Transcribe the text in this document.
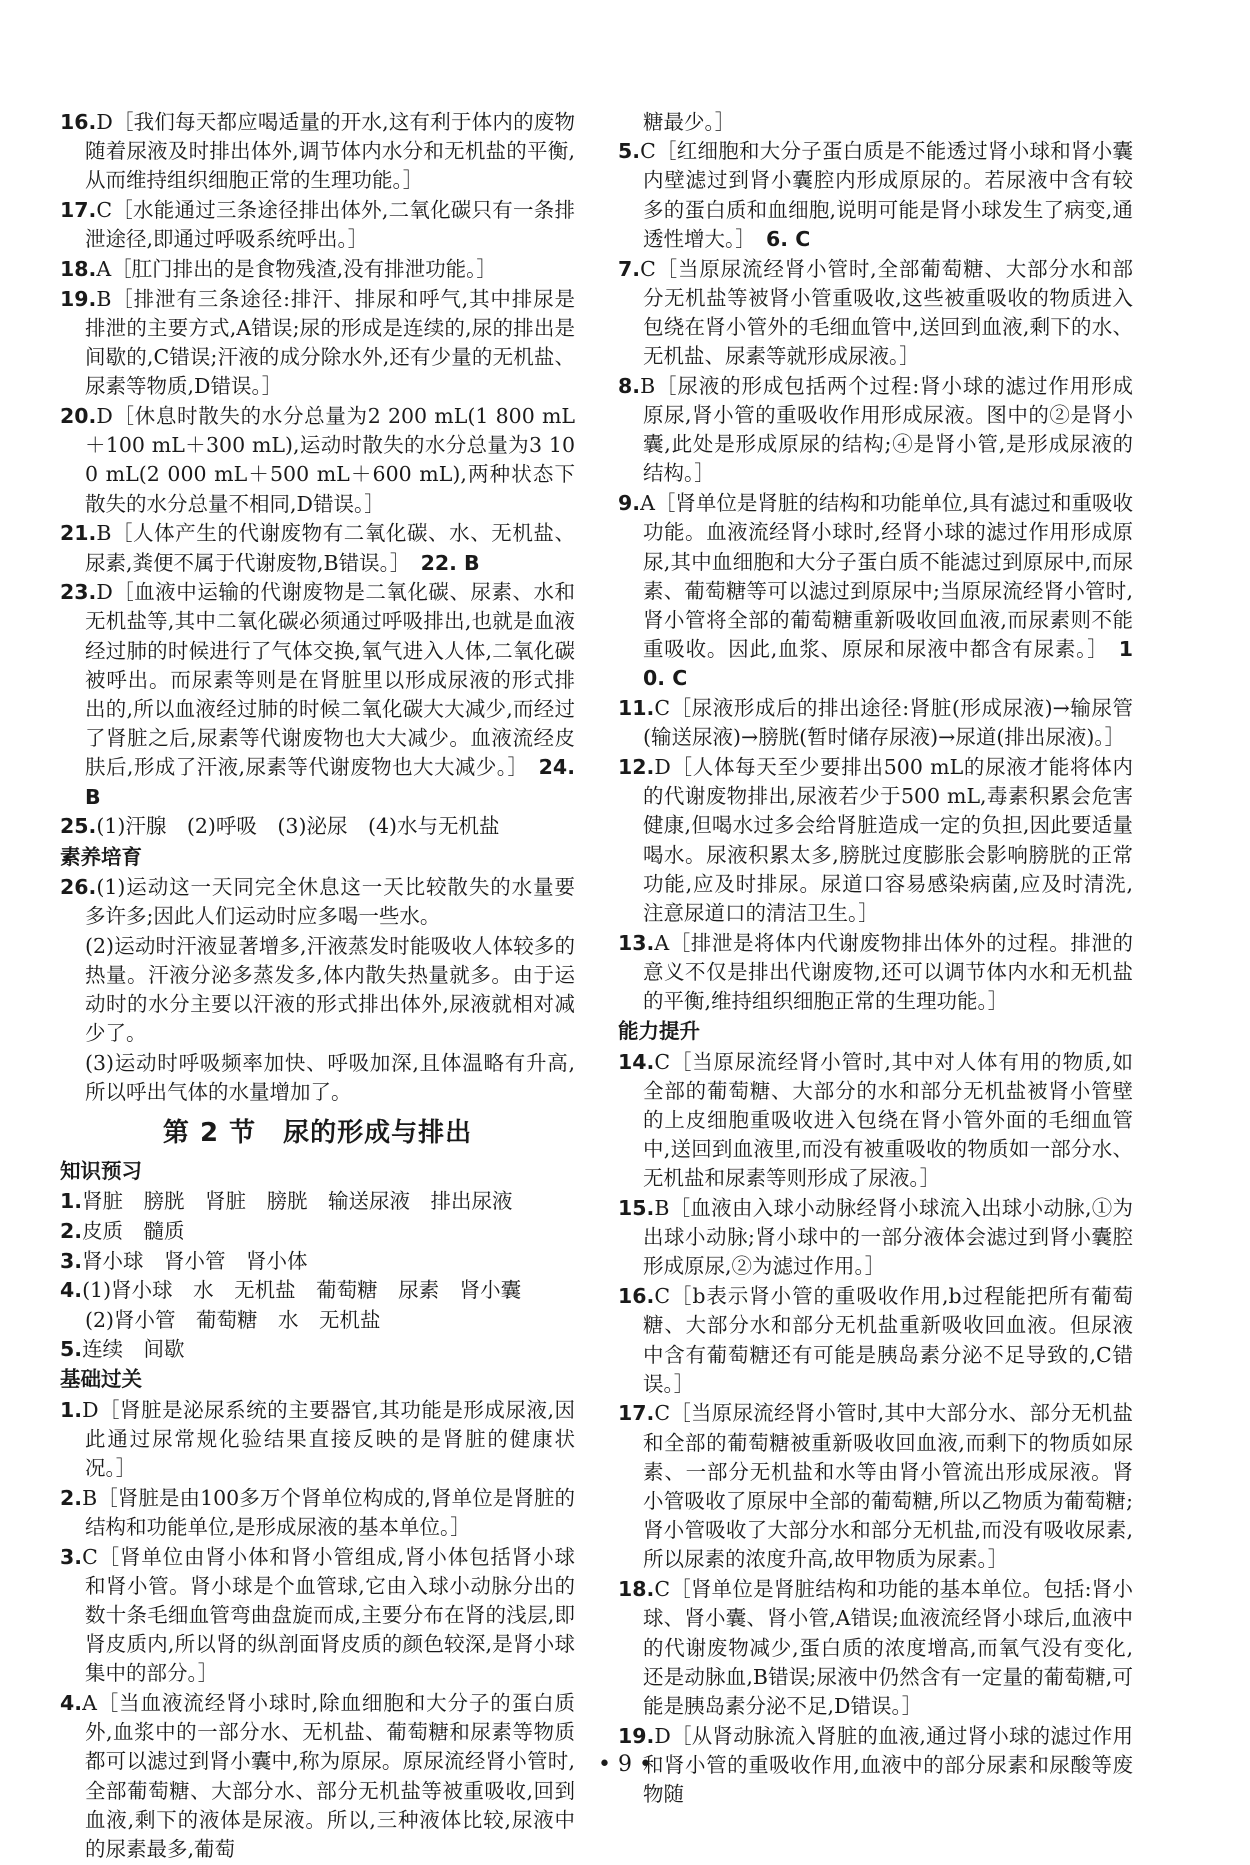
16.D［我们每天都应喝适量的开水,这有利于体内的废物随着尿液及时排出体外,调节体内水分和无机盐的平衡,从而维持组织细胞正常的生理功能。］

17.C［水能通过三条途径排出体外,二氧化碳只有一条排泄途径,即通过呼吸系统呼出。］

18.A［肛门排出的是食物残渣,没有排泄功能。］

19.B［排泄有三条途径:排汗、排尿和呼气,其中排尿是排泄的主要方式,A错误;尿的形成是连续的,尿的排出是间歇的,C错误;汗液的成分除水外,还有少量的无机盐、尿素等物质,D错误。］

20.D［休息时散失的水分总量为2 200 mL(1 800 mL＋100 mL＋300 mL),运动时散失的水分总量为3 100 mL(2 000 mL＋500 mL＋600 mL),两种状态下散失的水分总量不相同,D错误。］

21.B［人体产生的代谢废物有二氧化碳、水、无机盐、尿素,粪便不属于代谢废物,B错误。］  22. B

23.D［血液中运输的代谢废物是二氧化碳、尿素、水和无机盐等,其中二氧化碳必须通过呼吸排出,也就是血液经过肺的时候进行了气体交换,氧气进入人体,二氧化碳被呼出。而尿素等则是在肾脏里以形成尿液的形式排出的,所以血液经过肺的时候二氧化碳大大减少,而经过了肾脏之后,尿素等代谢废物也大大减少。血液流经皮肤后,形成了汗液,尿素等代谢废物也大大减少。］  24. B

25.(1)汗腺　(2)呼吸　(3)泌尿　(4)水与无机盐

素养培育

26.(1)运动这一天同完全休息这一天比较散失的水量要多许多;因此人们运动时应多喝一些水。

(2)运动时汗液显著增多,汗液蒸发时能吸收人体较多的热量。汗液分泌多蒸发多,体内散失热量就多。由于运动时的水分主要以汗液的形式排出体外,尿液就相对减少了。
(3)运动时呼吸频率加快、呼吸加深,且体温略有升高,所以呼出气体的水量增加了。
第 2 节　尿的形成与排出
知识预习

1.肾脏　膀胱　肾脏　膀胱　输送尿液　排出尿液

2.皮质　髓质

3.肾小球　肾小管　肾小体

4.(1)肾小球　水　无机盐　葡萄糖　尿素　肾小囊

(2)肾小管　葡萄糖　水　无机盐

5.连续　间歇

基础过关

1.D［肾脏是泌尿系统的主要器官,其功能是形成尿液,因此通过尿常规化验结果直接反映的是肾脏的健康状况。］

2.B［肾脏是由100多万个肾单位构成的,肾单位是肾脏的结构和功能单位,是形成尿液的基本单位。］

3.C［肾单位由肾小体和肾小管组成,肾小体包括肾小球和肾小管。肾小球是个血管球,它由入球小动脉分出的数十条毛细血管弯曲盘旋而成,主要分布在肾的浅层,即肾皮质内,所以肾的纵剖面肾皮质的颜色较深,是肾小球集中的部分。］

4.A［当血液流经肾小球时,除血细胞和大分子的蛋白质外,血浆中的一部分水、无机盐、葡萄糖和尿素等物质都可以滤过到肾小囊中,称为原尿。原尿流经肾小管时,全部葡萄糖、大部分水、部分无机盐等被重吸收,回到血液,剩下的液体是尿液。所以,三种液体比较,尿液中的尿素最多,葡萄

糖最少。］

5.C［红细胞和大分子蛋白质是不能透过肾小球和肾小囊内壁滤过到肾小囊腔内形成原尿的。若尿液中含有较多的蛋白质和血细胞,说明可能是肾小球发生了病变,通透性增大。］  6. C

7.C［当原尿流经肾小管时,全部葡萄糖、大部分水和部分无机盐等被肾小管重吸收,这些被重吸收的物质进入包绕在肾小管外的毛细血管中,送回到血液,剩下的水、无机盐、尿素等就形成尿液。］

8.B［尿液的形成包括两个过程:肾小球的滤过作用形成原尿,肾小管的重吸收作用形成尿液。图中的②是肾小囊,此处是形成原尿的结构;④是肾小管,是形成尿液的结构。］

9.A［肾单位是肾脏的结构和功能单位,具有滤过和重吸收功能。血液流经肾小球时,经肾小球的滤过作用形成原尿,其中血细胞和大分子蛋白质不能滤过到原尿中,而尿素、葡萄糖等可以滤过到原尿中;当原尿流经肾小管时,肾小管将全部的葡萄糖重新吸收回血液,而尿素则不能重吸收。因此,血浆、原尿和尿液中都含有尿素。］  10. C

11.C［尿液形成后的排出途径:肾脏(形成尿液)→输尿管(输送尿液)→膀胱(暂时储存尿液)→尿道(排出尿液)。］

12.D［人体每天至少要排出500 mL的尿液才能将体内的代谢废物排出,尿液若少于500 mL,毒素积累会危害健康,但喝水过多会给肾脏造成一定的负担,因此要适量喝水。尿液积累太多,膀胱过度膨胀会影响膀胱的正常功能,应及时排尿。尿道口容易感染病菌,应及时清洗,注意尿道口的清洁卫生。］

13.A［排泄是将体内代谢废物排出体外的过程。排泄的意义不仅是排出代谢废物,还可以调节体内水和无机盐的平衡,维持组织细胞正常的生理功能。］

能力提升

14.C［当原尿流经肾小管时,其中对人体有用的物质,如全部的葡萄糖、大部分的水和部分无机盐被肾小管壁的上皮细胞重吸收进入包绕在肾小管外面的毛细血管中,送回到血液里,而没有被重吸收的物质如一部分水、无机盐和尿素等则形成了尿液。］

15.B［血液由入球小动脉经肾小球流入出球小动脉,①为出球小动脉;肾小球中的一部分液体会滤过到肾小囊腔形成原尿,②为滤过作用。］

16.C［b表示肾小管的重吸收作用,b过程能把所有葡萄糖、大部分水和部分无机盐重新吸收回血液。但尿液中含有葡萄糖还有可能是胰岛素分泌不足导致的,C错误。］

17.C［当原尿流经肾小管时,其中大部分水、部分无机盐和全部的葡萄糖被重新吸收回血液,而剩下的物质如尿素、一部分无机盐和水等由肾小管流出形成尿液。肾小管吸收了原尿中全部的葡萄糖,所以乙物质为葡萄糖;肾小管吸收了大部分水和部分无机盐,而没有吸收尿素,所以尿素的浓度升高,故甲物质为尿素。］

18.C［肾单位是肾脏结构和功能的基本单位。包括:肾小球、肾小囊、肾小管,A错误;血液流经肾小球后,血液中的代谢废物减少,蛋白质的浓度增高,而氧气没有变化,还是动脉血,B错误;尿液中仍然含有一定量的葡萄糖,可能是胰岛素分泌不足,D错误。］

19.D［从肾动脉流入肾脏的血液,通过肾小球的滤过作用和肾小管的重吸收作用,血液中的部分尿素和尿酸等废物随

• 9 •
